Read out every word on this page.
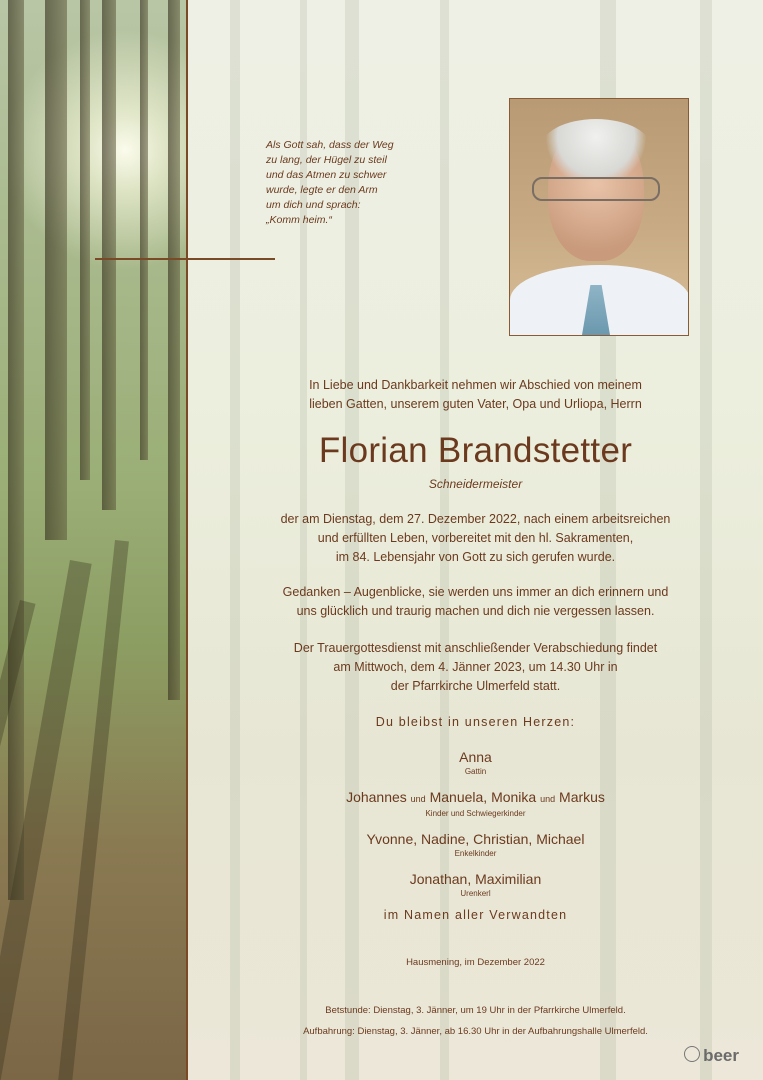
Als Gott sah, dass der Weg
zu lang, der Hügel zu steil
und das Atmen zu schwer
wurde, legte er den Arm
um dich und sprach:
„Komm heim.“
In Liebe und Dankbarkeit nehmen wir Abschied von meinem
lieben Gatten, unserem guten Vater, Opa und Urliopa, Herrn
Florian Brandstetter
Schneidermeister
der am Dienstag, dem 27. Dezember 2022, nach einem arbeitsreichen
und erfüllten Leben, vorbereitet mit den hl. Sakramenten,
im 84. Lebensjahr von Gott zu sich gerufen wurde.
Gedanken – Augenblicke, sie werden uns immer an dich erinnern und
uns glücklich und traurig machen und dich nie vergessen lassen.
Der Trauergottesdienst mit anschließender Verabschiedung findet
am Mittwoch, dem 4. Jänner 2023, um 14.30 Uhr in
der Pfarrkirche Ulmerfeld statt.
Du bleibst in unseren Herzen:
Anna
Gattin
Johannes und Manuela, Monika und Markus
Kinder und Schwiegerkinder
Yvonne, Nadine, Christian, Michael
Enkelkinder
Jonathan, Maximilian
Urenkerl
im Namen aller Verwandten
Hausmening, im Dezember 2022
Betstunde: Dienstag, 3. Jänner, um 19 Uhr in der Pfarrkirche Ulmerfeld.
Aufbahrung: Dienstag, 3. Jänner, ab 16.30 Uhr in der Aufbahrungshalle Ulmerfeld.
beer
